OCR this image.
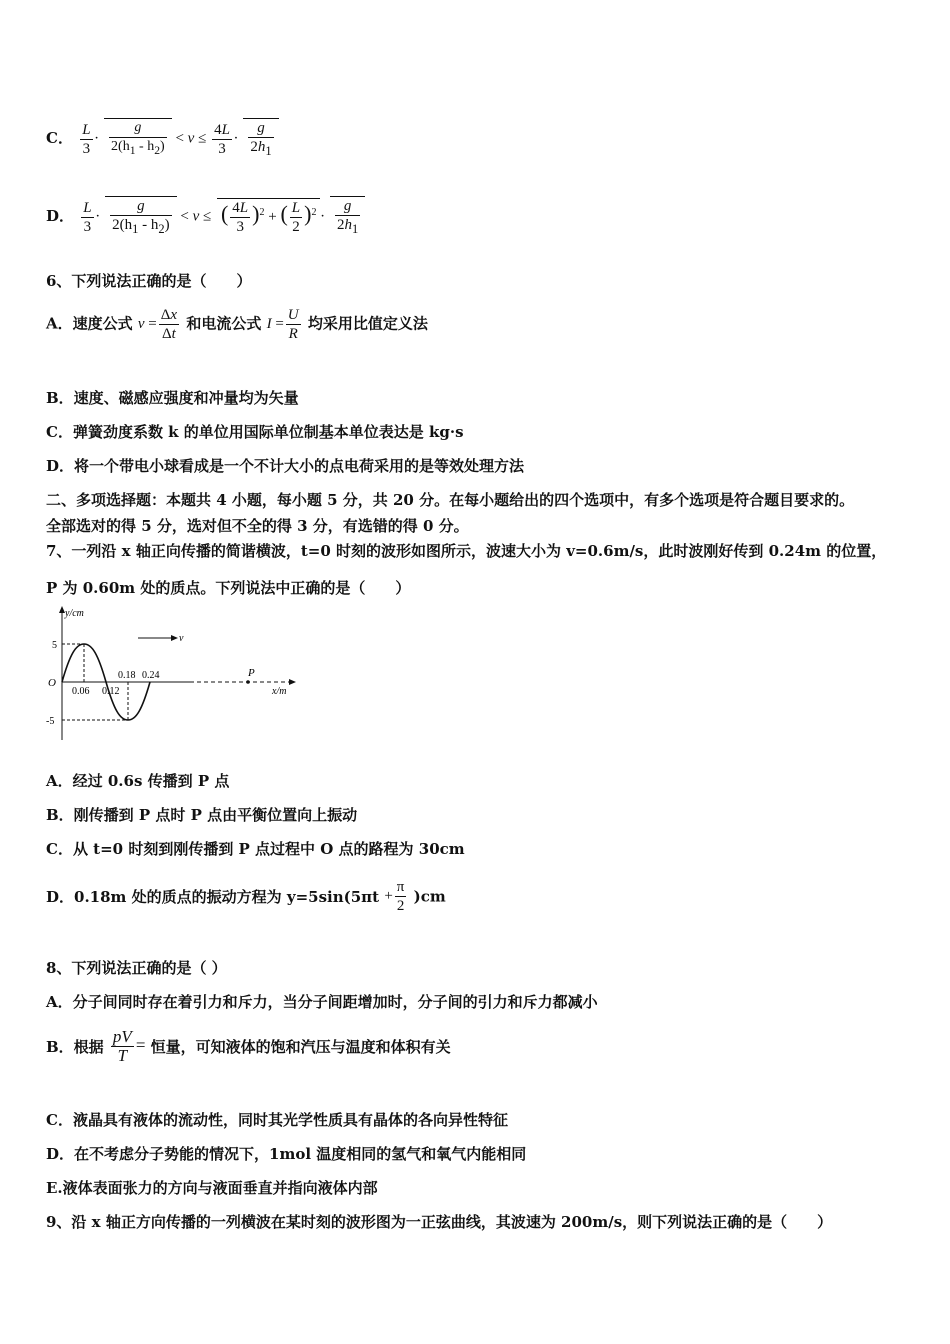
C． $\frac{L}{3} \cdot \frac{g}{2(h_1 - h_2)} < v \le \frac{4L}{3} \cdot \frac{g}{2h_1}$
D． $\frac{L}{3} \cdot \frac{g}{2(h_1 - h_2)} < v$ ≤ ( $\frac{4L}{3} )^2$ + ( $\frac{L}{2} )^2 \cdot \frac{g}{2h_1}$
6、下列说法正确的是（　　）
A．速度公式 $v = \frac{\Delta x}{\Delta t}$ 和电流公式 $I = \frac{U}{R}$ 均采用比值定义法
B．速度、磁感应强度和冲量均为矢量
C．弹簧劲度系数 k 的单位用国际单位制基本单位表达是 kg·s
D．将一个带电小球看成是一个不计大小的点电荷采用的是等效处理方法
二、多项选择题：本题共 4 小题，每小题 5 分，共 20 分。在每小题给出的四个选项中，有多个选项是符合题目要求的。
全部选对的得 5 分，选对但不全的得 3 分，有选错的得 0 分。
7、一列沿 x 轴正向传播的简谐横波，t=0 时刻的波形如图所示，波速大小为 v=0.6m/s，此时波刚好传到 0.24m 的位置，
P 为 0.60m 处的质点。下列说法中正确的是（　　）
v
y/cm
x/m
O
5
-5
0.06 0.12
0.18 0.24	P
A．经过 0.6s 传播到 P 点
B．刚传播到 P 点时 P 点由平衡位置向上振动
C．从 t=0 时刻到刚传播到 P 点过程中 O 点的路程为 30cm
D．0.18m 处的质点的振动方程为 $y=5\sin(5\pi t + \frac{\pi}{2} )cm$
8、下列说法正确的是（ ）
A．分子间同时存在着引力和斥力，当分子间距增加时，分子间的引力和斥力都减小
B．根据 $\frac{pV}{T}$ = 恒量，可知液体的饱和汽压与温度和体积有关
C．液晶具有液体的流动性，同时其光学性质具有晶体的各向异性特征
D．在不考虑分子势能的情况下，1mol 温度相同的氢气和氧气内能相同
E.液体表面张力的方向与液面垂直并指向液体内部
9、沿 x 轴正方向传播的一列横波在某时刻的波形图为一正弦曲线，其波速为 200m/s，则下列说法正确的是（　　）
